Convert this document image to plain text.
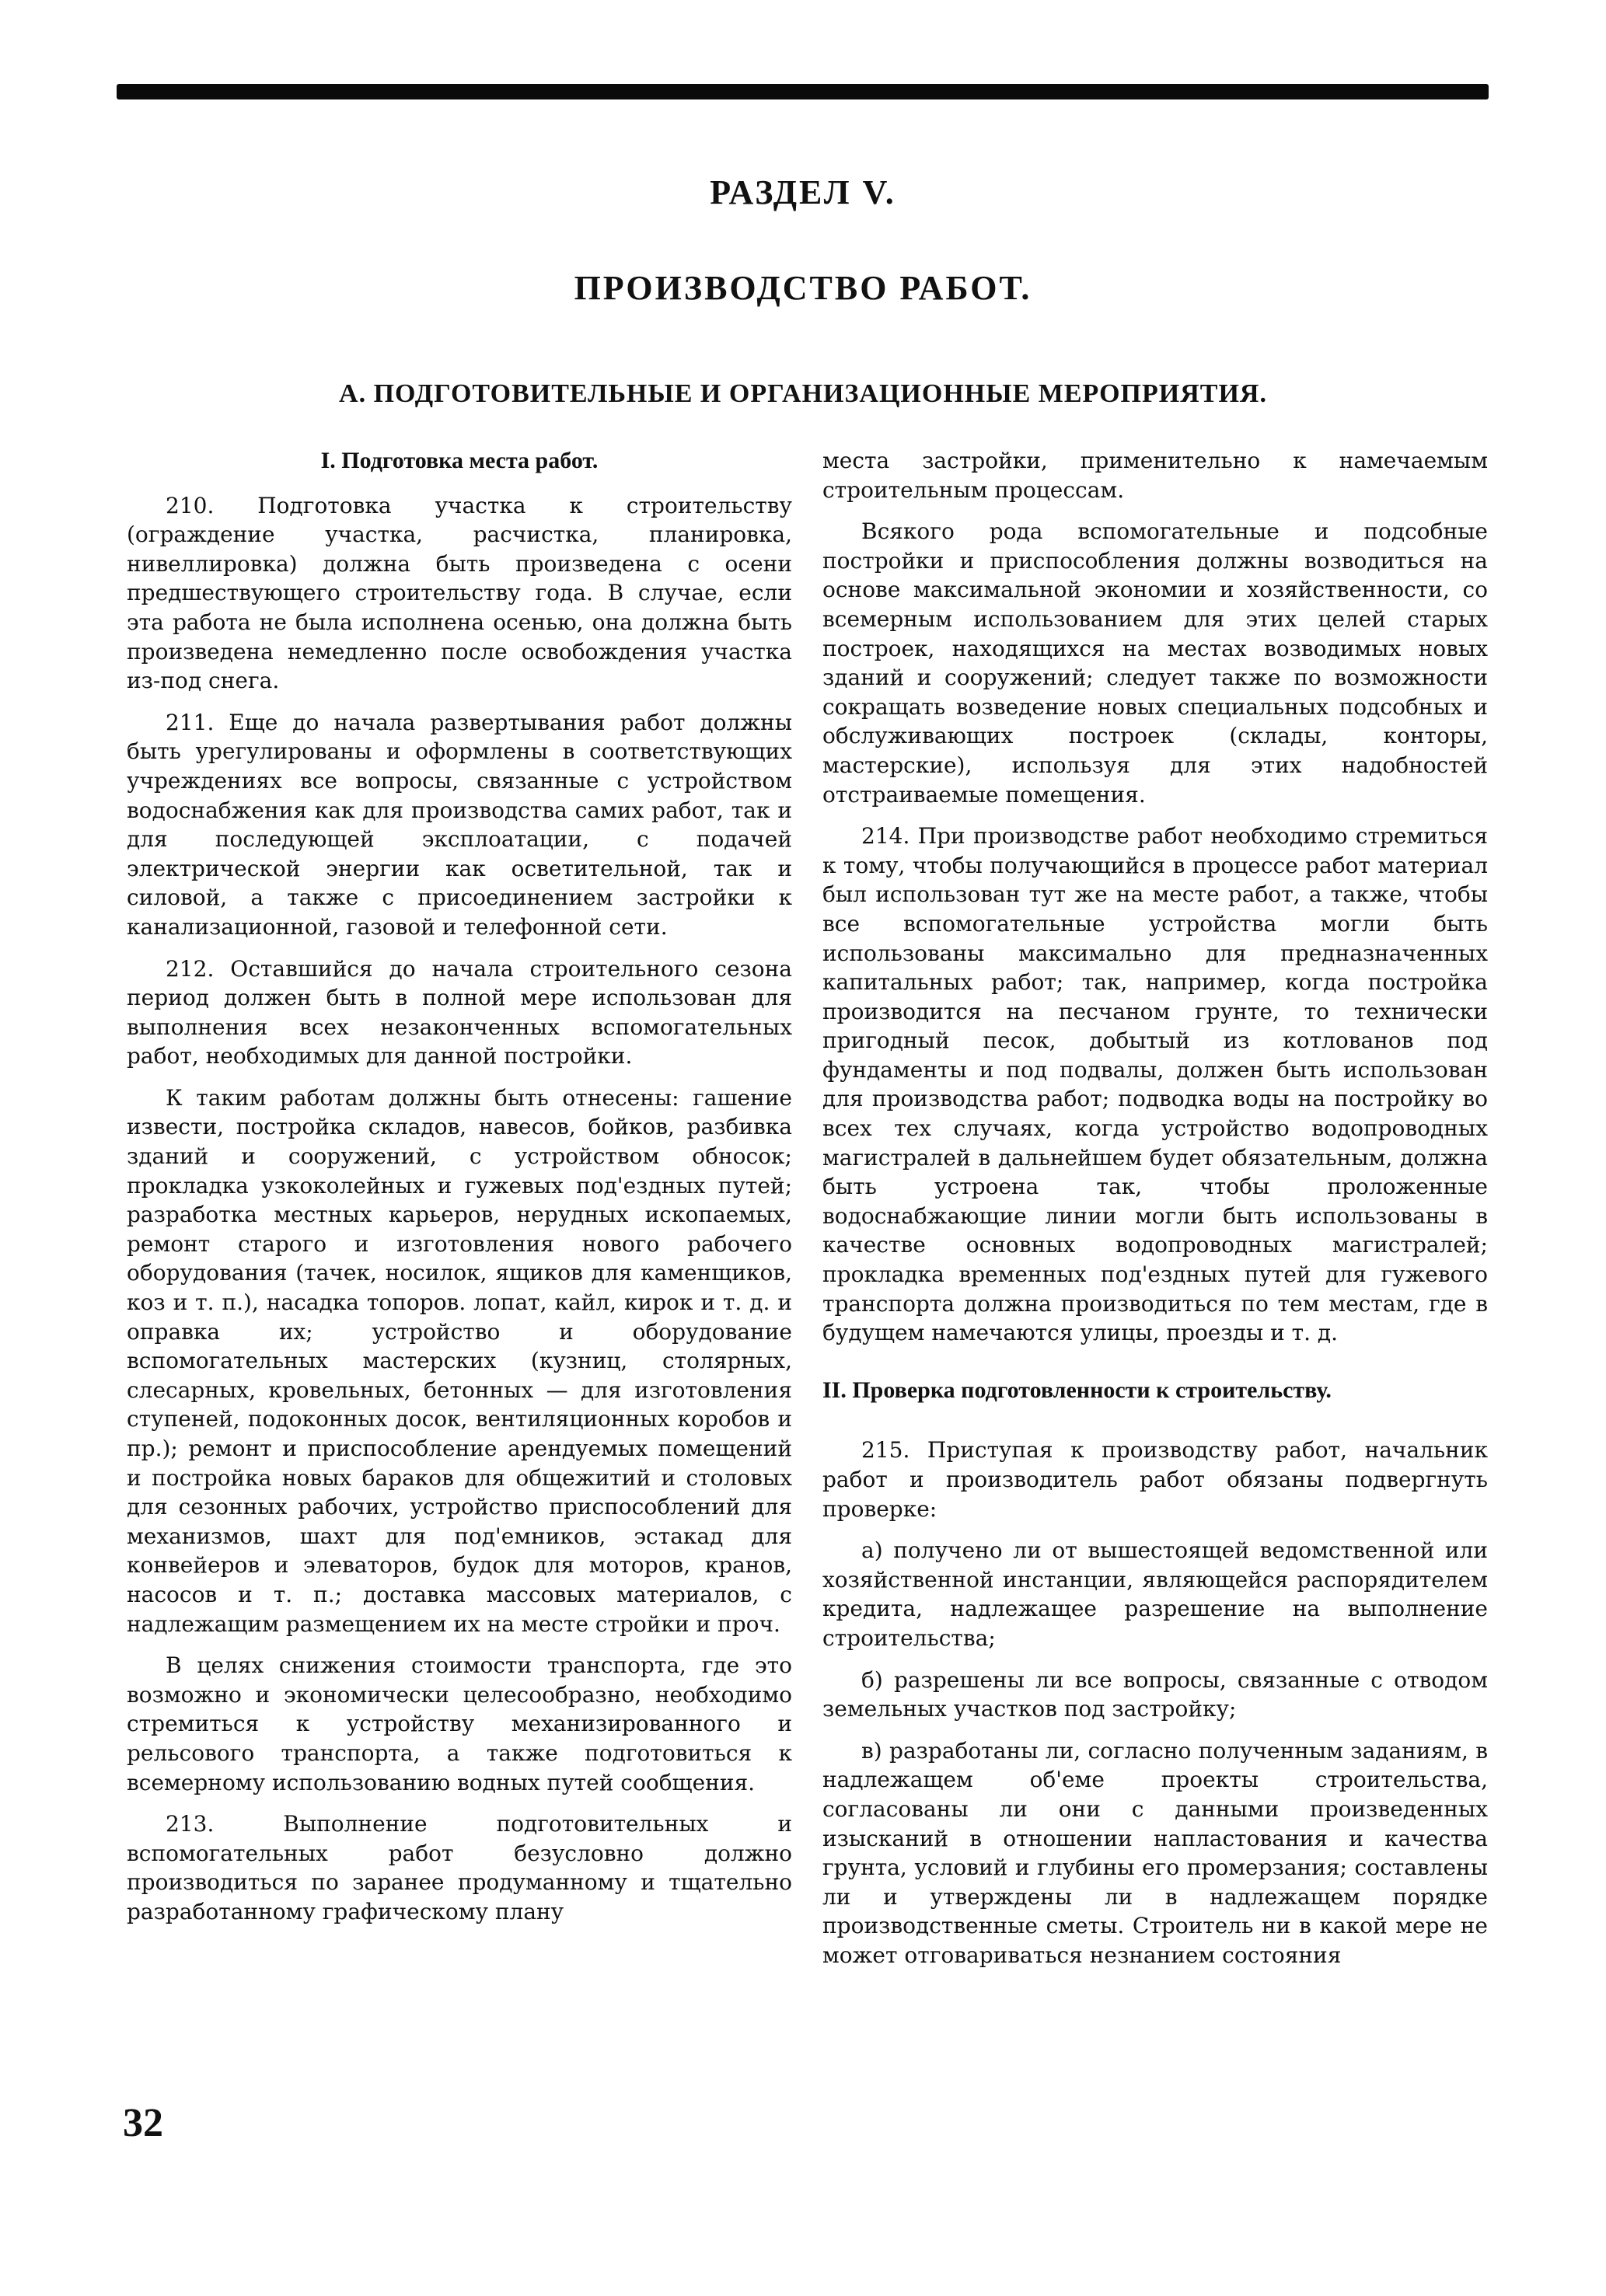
РАЗДЕЛ V.
ПРОИЗВОДСТВО РАБОТ.
А. ПОДГОТОВИТЕЛЬНЫЕ И ОРГАНИЗАЦИОННЫЕ МЕРОПРИЯТИЯ.
I. Подготовка места работ.

210. Подготовка участка к строительству (ограждение участка, расчистка, планировка, нивеллировка) должна быть произведена с осени предшествующего строительству года. В случае, если эта работа не была исполнена осенью, она должна быть произведена немедленно после освобождения участка из-под снега.

211. Еще до начала развертывания работ должны быть урегулированы и оформлены в соответствующих учреждениях все вопросы, связанные с устройством водоснабжения как для производства самих работ, так и для последующей эксплоатации, с подачей электрической энергии как осветительной, так и силовой, а также с присоединением застройки к канализационной, газовой и телефонной сети.

212. Оставшийся до начала строительного сезона период должен быть в полной мере использован для выполнения всех незаконченных вспомогательных работ, необходимых для данной постройки.

К таким работам должны быть отнесены: гашение извести, постройка складов, навесов, бойков, разбивка зданий и сооружений, с устройством обносок; прокладка узкоколейных и гужевых под'ездных путей; разработка местных карьеров, нерудных ископаемых, ремонт старого и изготовления нового рабочего оборудования (тачек, носилок, ящиков для каменщиков, коз и т. п.), насадка топоров. лопат, кайл, кирок и т. д. и оправка их; устройство и оборудование вспомогательных мастерских (кузниц, столярных, слесарных, кровельных, бетонных — для изготовления ступеней, подоконных досок, вентиляционных коробов и пр.); ремонт и приспособление арендуемых помещений и постройка новых бараков для общежитий и столовых для сезонных рабочих, устройство приспособлений для механизмов, шахт для под'емников, эстакад для конвейеров и элеваторов, будок для моторов, кранов, насосов и т. п.; доставка массовых материалов, с надлежащим размещением их на месте стройки и проч.

В целях снижения стоимости транспорта, где это возможно и экономически целесообразно, необходимо стремиться к устройству механизированного и рельсового транспорта, а также подготовиться к всемерному использованию водных путей сообщения.

213. Выполнение подготовительных и вспомогательных работ безусловно должно производиться по заранее продуманному и тщательно разработанному графическому плану

места застройки, применительно к намечаемым строительным процессам.

Всякого рода вспомогательные и подсобные постройки и приспособления должны возводиться на основе максимальной экономии и хозяйственности, со всемерным использованием для этих целей старых построек, находящихся на местах возводимых новых зданий и сооружений; следует также по возможности сокращать возведение новых специальных подсобных и обслуживающих построек (склады, конторы, мастерские), используя для этих надобностей отстраиваемые помещения.

214. При производстве работ необходимо стремиться к тому, чтобы получающийся в процессе работ материал был использован тут же на месте работ, а также, чтобы все вспомогательные устройства могли быть использованы максимально для предназначенных капитальных работ; так, например, когда постройка производится на песчаном грунте, то технически пригодный песок, добытый из котлованов под фундаменты и под подвалы, должен быть использован для производства работ; подводка воды на постройку во всех тех случаях, когда устройство водопроводных магистралей в дальнейшем будет обязательным, должна быть устроена так, чтобы проложенные водоснабжающие линии могли быть использованы в качестве основных водопроводных магистралей; прокладка временных под'ездных путей для гужевого транспорта должна производиться по тем местам, где в будущем намечаются улицы, проезды и т. д.

II. Проверка подготовленности к строительству.

215. Приступая к производству работ, начальник работ и производитель работ обязаны подвергнуть проверке:

а) получено ли от вышестоящей ведомственной или хозяйственной инстанции, являющейся распорядителем кредита, надлежащее разрешение на выполнение строительства;

б) разрешены ли все вопросы, связанные с отводом земельных участков под застройку;

в) разработаны ли, согласно полученным заданиям, в надлежащем об'еме проекты строительства, согласованы ли они с данными произведенных изысканий в отношении напластования и качества грунта, условий и глубины его промерзания; составлены ли и утверждены ли в надлежащем порядке производственные сметы. Строитель ни в какой мере не может отговариваться незнанием состояния

32
